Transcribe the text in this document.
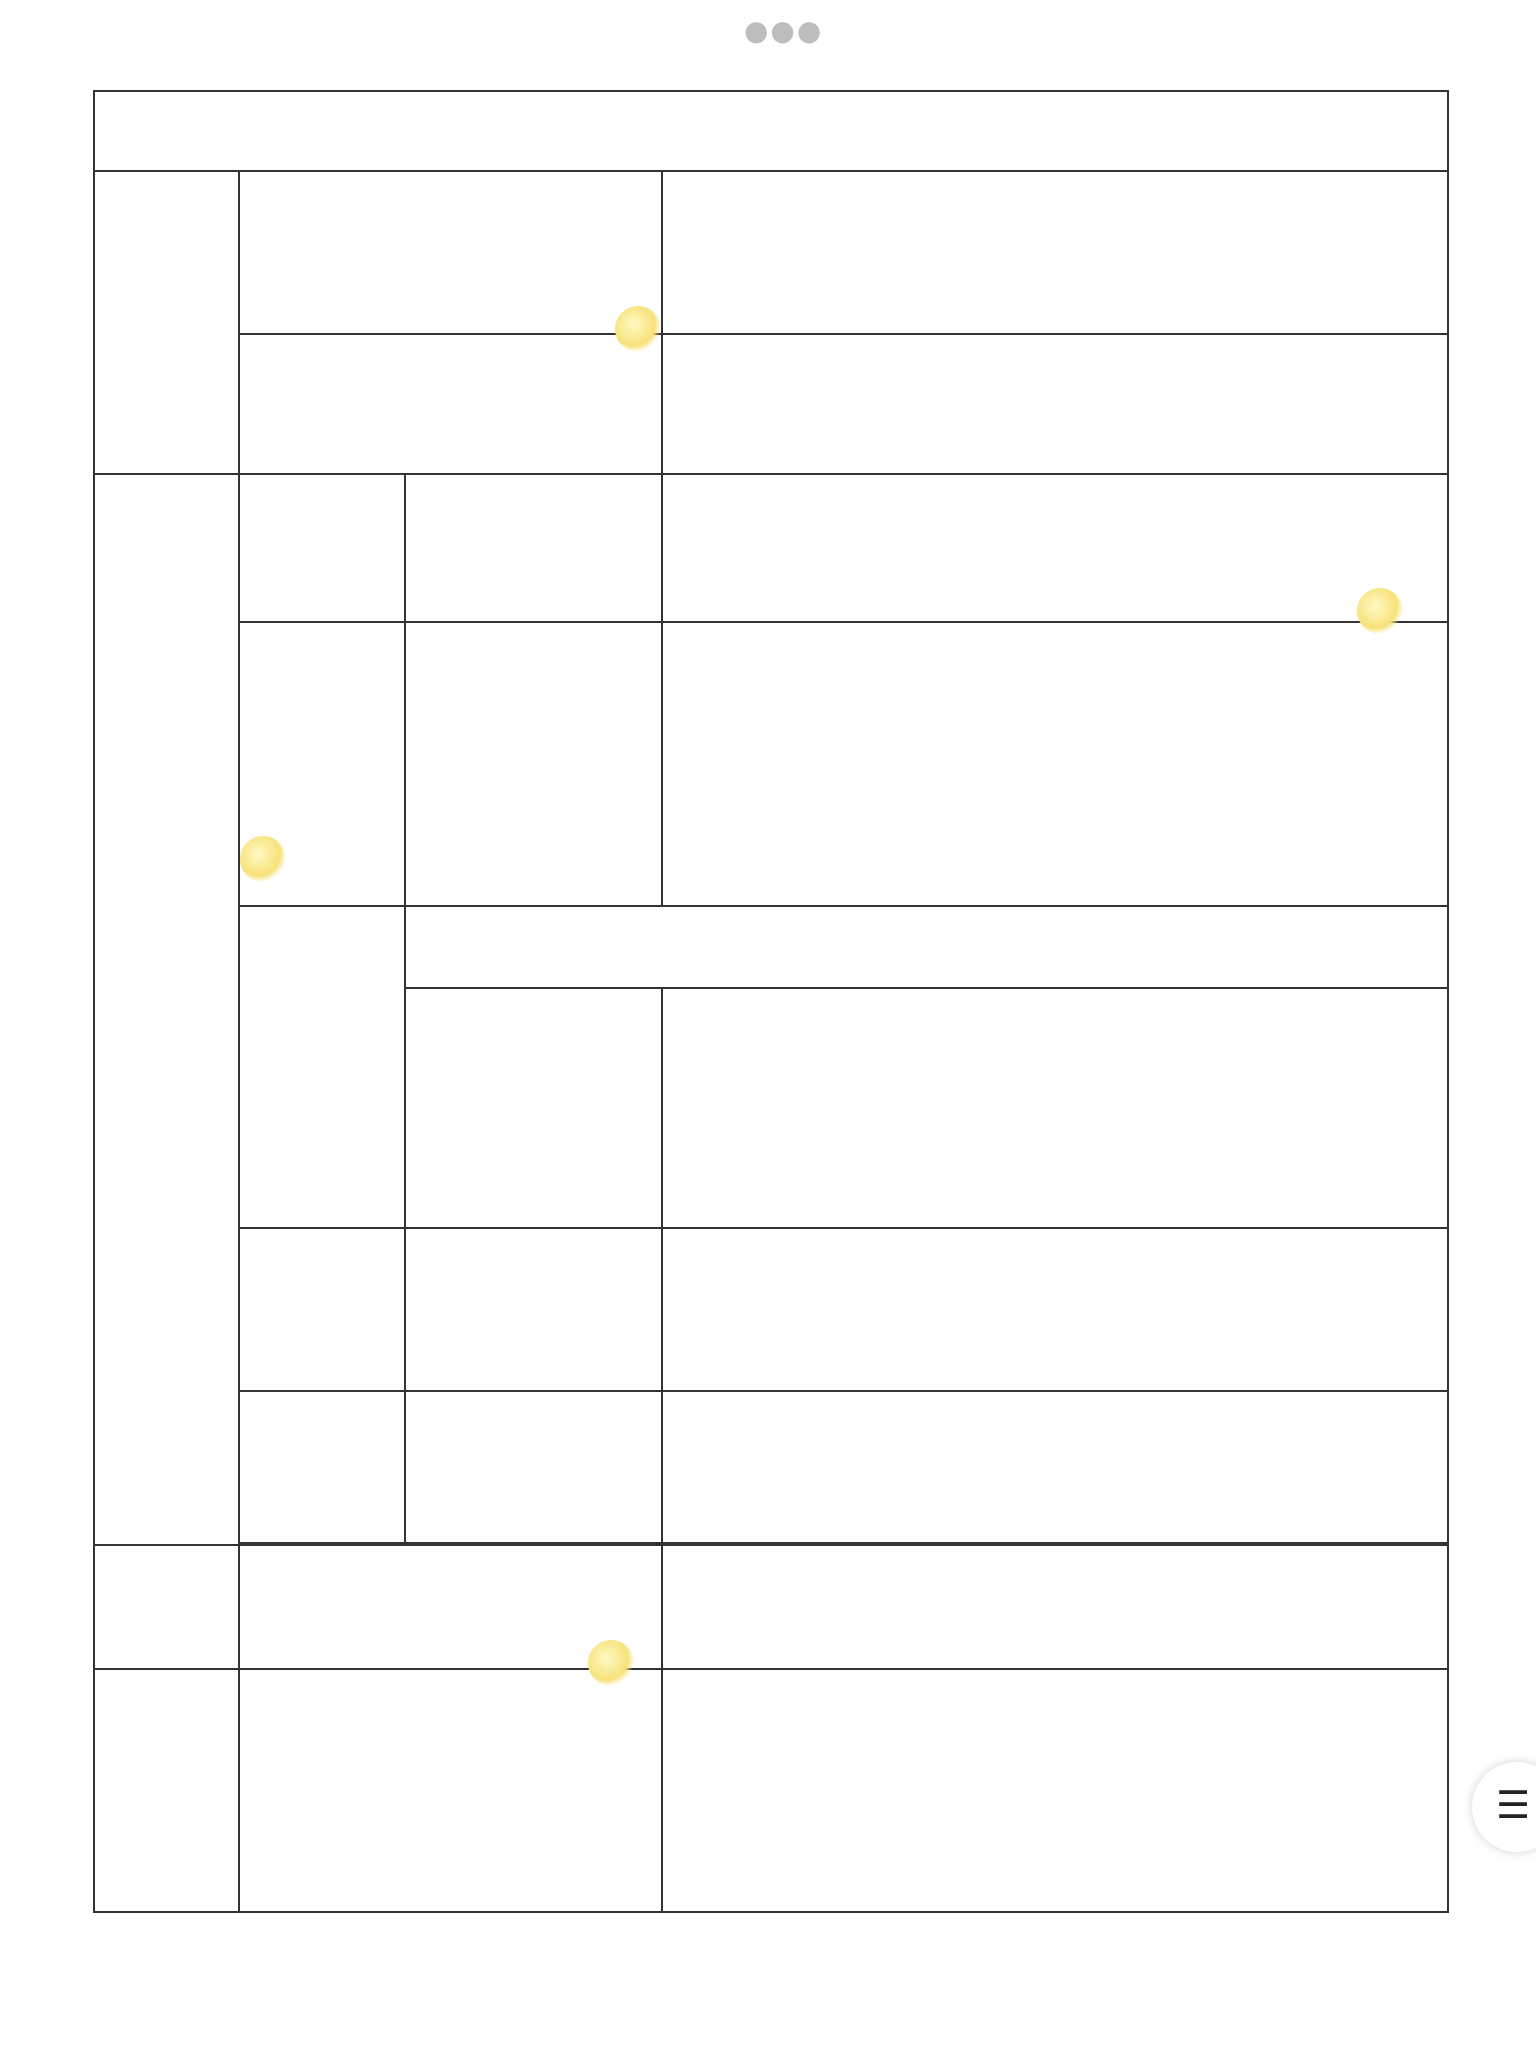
●●●

☰
